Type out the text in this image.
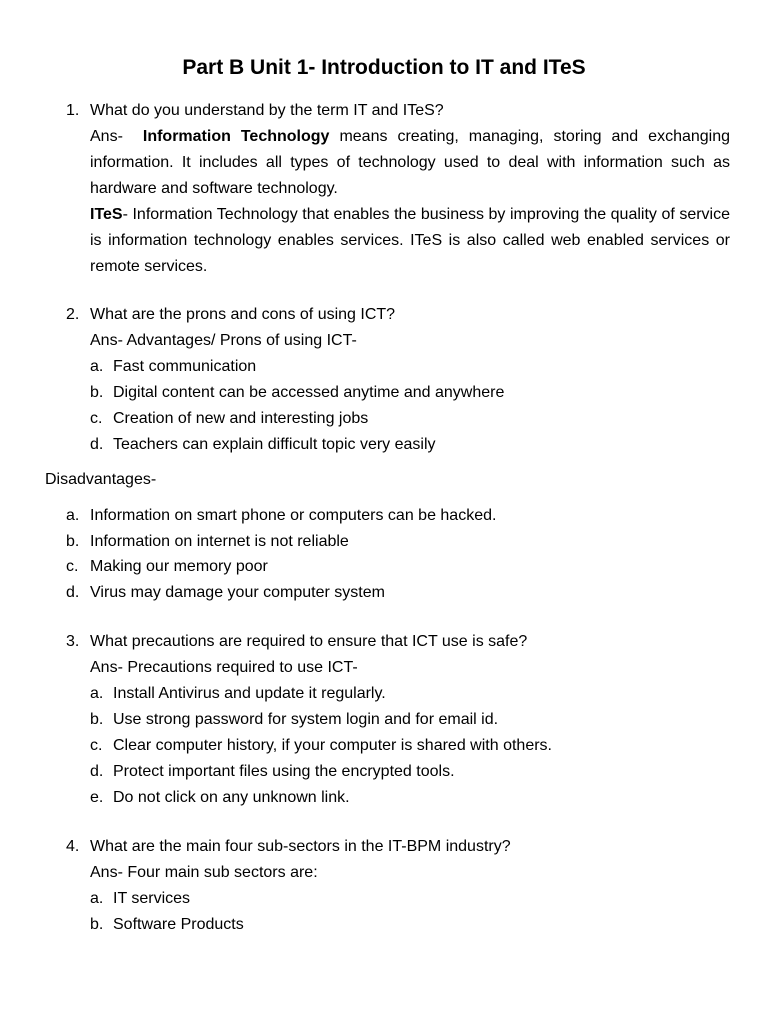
Part B Unit 1- Introduction to IT and ITeS
1. What do you understand by the term IT and ITeS?
Ans- Information Technology means creating, managing, storing and exchanging information. It includes all types of technology used to deal with information such as hardware and software technology.
ITeS- Information Technology that enables the business by improving the quality of service is information technology enables services. ITeS is also called web enabled services or remote services.
2. What are the prons and cons of using ICT?
Ans- Advantages/ Prons of using ICT-
a. Fast communication
b. Digital content can be accessed anytime and anywhere
c. Creation of new and interesting jobs
d. Teachers can explain difficult topic very easily
Disadvantages-
a. Information on smart phone or computers can be hacked.
b. Information on internet is not reliable
c. Making our memory poor
d. Virus may damage your computer system
3. What precautions are required to ensure that ICT use is safe?
Ans- Precautions required to use ICT-
a. Install Antivirus and update it regularly.
b. Use strong password for system login and for email id.
c. Clear computer history, if your computer is shared with others.
d. Protect important files using the encrypted tools.
e. Do not click on any unknown link.
4. What are the main four sub-sectors in the IT-BPM industry?
Ans- Four main sub sectors are:
a. IT services
b. Software Products
